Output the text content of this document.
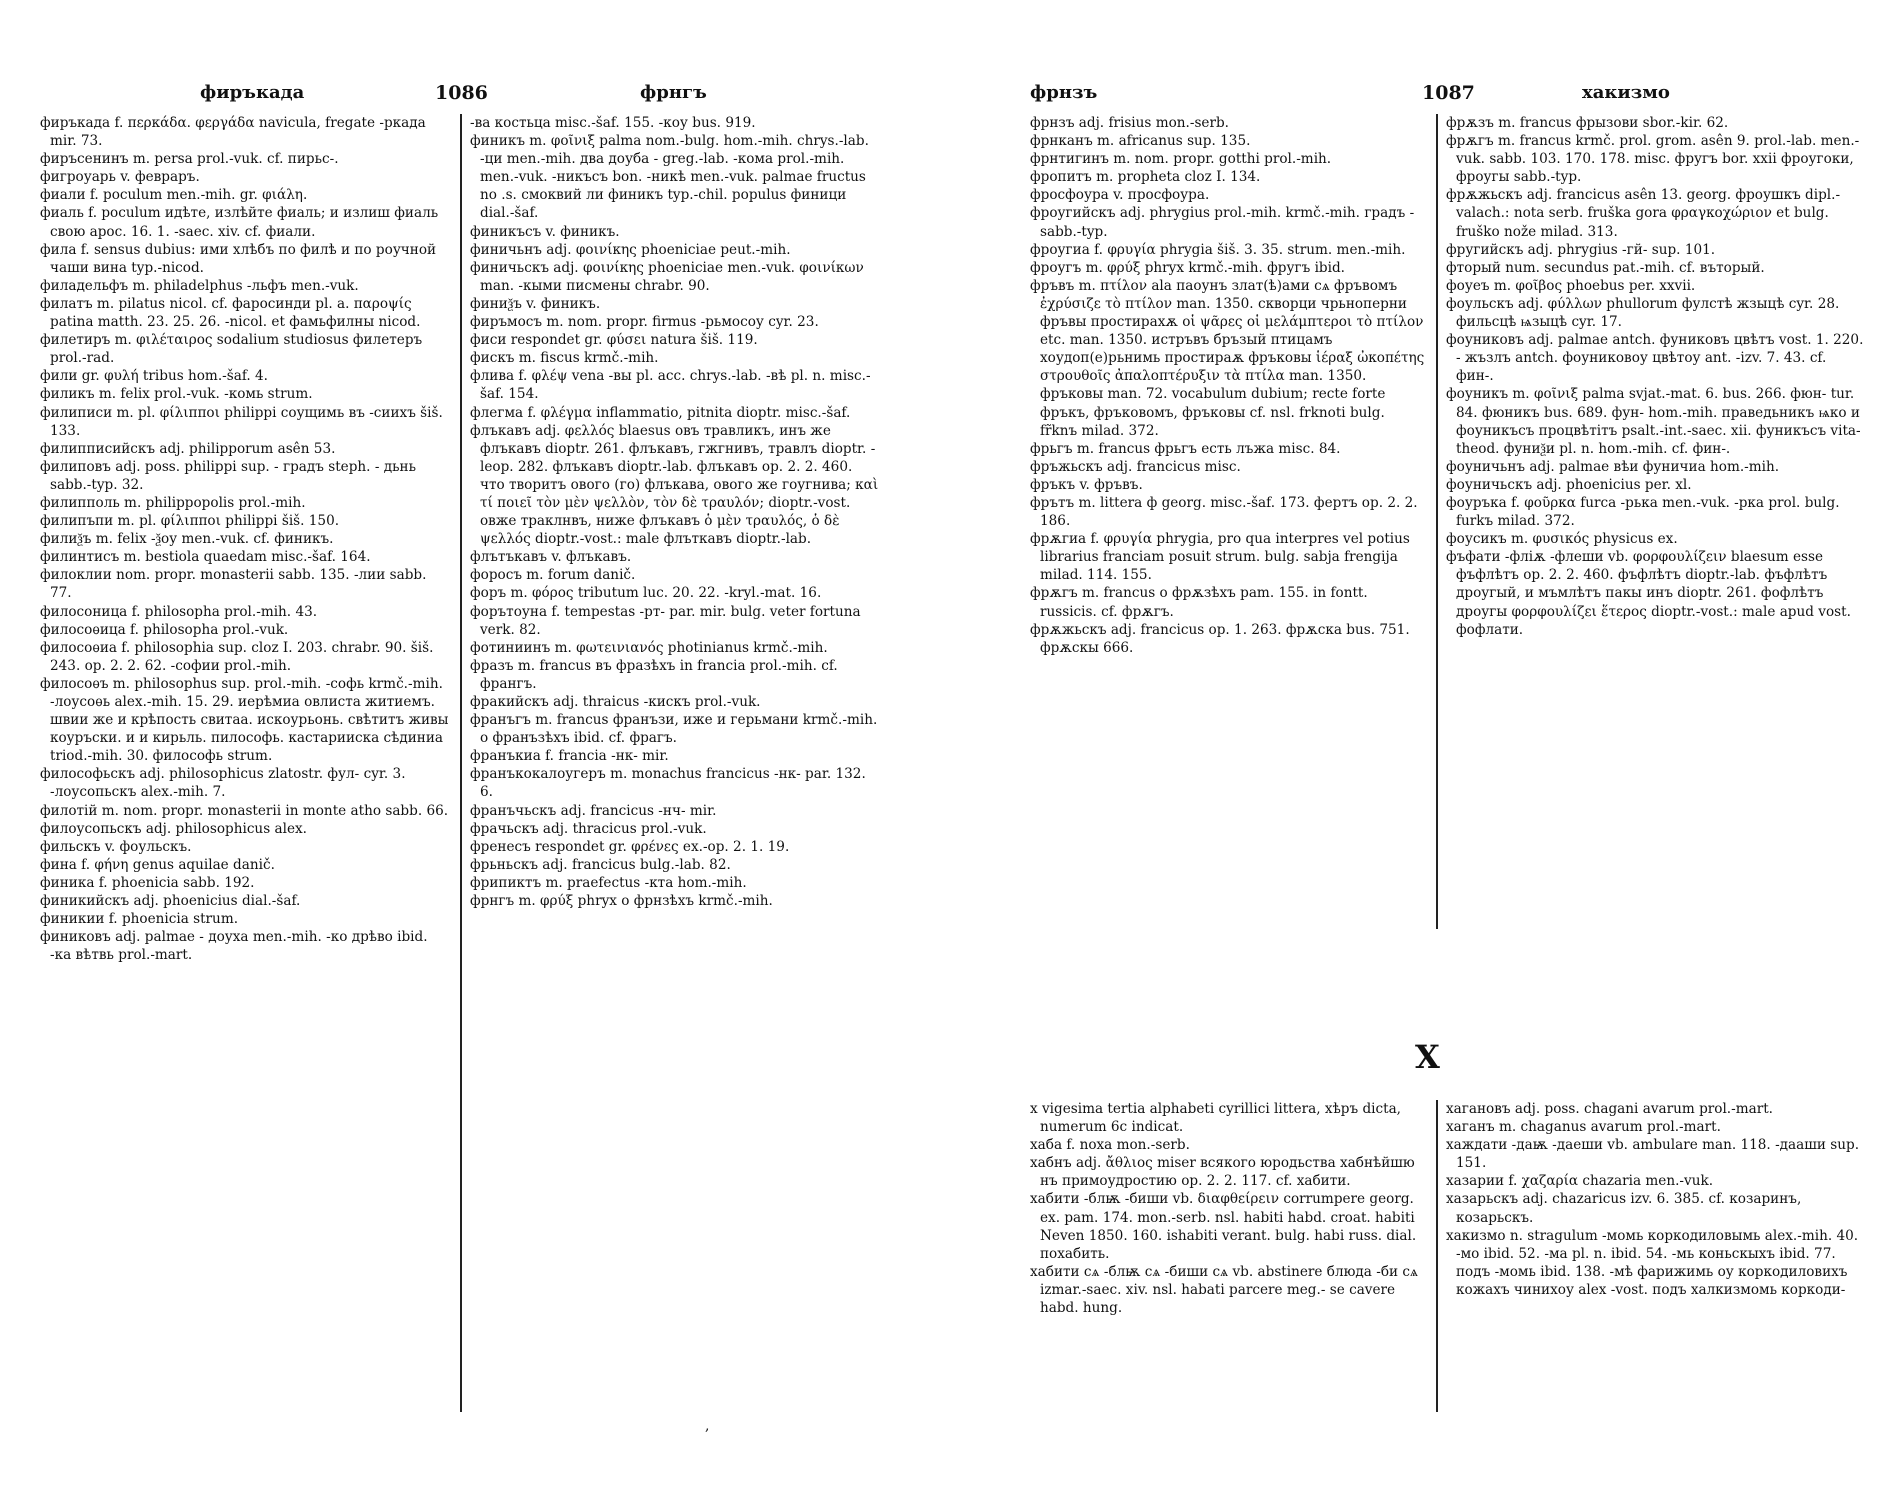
фиръкада	1086	фрнгъ
фиръкада f. περκάδα. φεργάδα navicula, fregate -ркада mir. 73.
фиръсенинъ m. persa prol.-vuk. cf. пирьс-.
фигроуарь v. февраръ.
фиали f. poculum men.-mih. gr. φιάλη.
фиаль f. poculum идѣте, излѣйте фиаль; и излиш фиаль свою apoc. 16. 1. -saec. xiv. cf. фиали.
фила f. sensus dubius: ими хлѣбъ по филѣ и по роучной чаши вина typ.-nicod.
филадельфъ m. philadelphus -льфъ men.-vuk.
филатъ m. pilatus nicol. cf. фаросинди pl. a. παροψίς patina matth. 23. 25. 26. -nicol. et фамьфилны nicod.
филетиръ m. φιλέταιρος sodalium studiosus филетеръ prol.-rad.
фили gr. φυλή tribus hom.-šaf. 4.
филикъ m. felix prol.-vuk. -комь strum.
филиписи m. pl. φίλιπποι philippi соущимь въ -сиихъ šiš. 133.
филипписийскъ adj. philipporum asên 53.
филиповъ adj. poss. philippi sup. - градъ steph. - дьнь sabb.-typ. 32.
филипполь m. philippopolis prol.-mih.
филипъпи m. pl. φίλιπποι philippi šiš. 150.
филиѯъ m. felix -ѯоу men.-vuk. cf. финикъ.
филинтисъ m. bestiola quaedam misc.-šaf. 164.
филоклии nom. propr. monasterii sabb. 135. -лии sabb. 77.
филосоница f. philosopha prol.-mih. 43.
филосоѳица f. philosopha prol.-vuk.
филосоѳиа f. philosophia sup. cloz I. 203. chrabr. 90. šiš. 243. op. 2. 2. 62. -софии prol.-mih.
филосоѳъ m. philosophus sup. prol.-mih. -софь krmč.-mih. -лоусоѳь alex.-mih. 15. 29. иерѣмиа овлиста житиемъ. швии же и крѣпость свитаа. искоурьонь. свѣтитъ живы коуръски. и и кирьль. пилософь. кастарииска сѣдиниа triod.-mih. 30. философь strum.
философьскъ adj. philosophicus zlatostr. фул- cyr. 3. -лоусопьскъ alex.-mih. 7.
филотій m. nom. propr. monasterii in monte atho sabb. 66.
филоусопьскъ adj. philosophicus alex.
фильскъ v. фоульскъ.
фина f. φήνη genus aquilae danič.
финика f. phoenicia sabb. 192.
финикийскъ adj. phoenicius dial.-šaf.
финикии f. phoenicia strum.
финиковъ adj. palmae - доуха men.-mih. -ко дрѣво ibid. -ка вѣтвь prol.-mart.
-ва костьца misc.-šaf. 155. -коу bus. 919.
финикъ m. φοῖνιξ palma nom.-bulg. hom.-mih. chrys.-lab. -ци men.-mih. два доуба - greg.-lab. -кома prol.-mih. men.-vuk. -никъсъ bon. -никѣ men.-vuk. palmae fructus no .s. смоквий ли финикъ typ.-chil. populus финици dial.-šaf.
финикъсъ v. финикъ.
финичьнъ adj. φοινίκης phoeniciae peut.-mih.
финичьскъ adj. φοινίκης phoeniciae men.-vuk. φοινίκων man. -кыми писмены chrabr. 90.
финиѯъ v. финикъ.
фиръмосъ m. nom. propr. firmus -рьмосоу cyr. 23.
фиси respondet gr. φύσει natura šiš. 119.
фискъ m. fiscus krmč.-mih.
флива f. φλέψ vena -вы pl. acc. chrys.-lab. -вѣ pl. n. misc.-šaf. 154.
флегма f. φλέγμα inflammatio, pitnita dioptr. misc.-šaf.
флъкавъ adj. φελλός blaesus овъ травликъ, инъ же флъкавъ dioptr. 261. флъкавъ, гжгнивъ, травлъ dioptr. -leop. 282. флъкавъ dioptr.-lab. флъкавъ op. 2. 2. 460. что творитъ овогo (го) флъкава, ового же гоугнива; καὶ τί ποιεῖ τὸν μὲν ψελλὸν, τὸν δὲ τραυλόν; dioptr.-vost. овже траклнвъ, ниже флъкавъ ὁ μὲν τραυλός, ὁ δὲ ψελλός dioptr.-vost.: male флъткавъ dioptr.-lab.
флътъкавъ v. флъкавъ.
форосъ m. forum danič.
форъ m. φόρος tributum luc. 20. 22. -kryl.-mat. 16.
форътоуна f. tempestas -рт- par. mir. bulg. veter fortuna verk. 82.
фотиниинъ m. φωτεινιανός photinianus krmč.-mih.
фразъ m. francus въ фразѣхъ in francia prol.-mih. cf. франгъ.
фракийскъ adj. thraicus -кискъ prol.-vuk.
франъгъ m. francus франъзи, иже и герьмани krmč.-mih. о франъзѣхъ ibid. cf. фрагъ.
франъкиа f. francia -нк- mir.
франъкокалоугеръ m. monachus francicus -нк- par. 132. 6.
франъчьскъ adj. francicus -нч- mir.
фрачьскъ adj. thracicus prol.-vuk.
френесъ respondet gr. φρένες ex.-op. 2. 1. 19.
фрьньскъ adj. francicus bulg.-lab. 82.
фрипиктъ m. praefectus -кта hom.-mih.
фрнгъ m. φρύξ phryx о фрнзѣхъ krmč.-mih.
,
фрнзъ	1087	хакизмо
фрнзъ adj. frisius mon.-serb.
фрнканъ m. africanus sup. 135.
фрнтигинъ m. nom. propr. gotthi prol.-mih.
фропитъ m. propheta cloz I. 134.
фросфоура v. просфоура.
фроугийскъ adj. phrygius prol.-mih. krmč.-mih. градъ - sabb.-typ.
фроугиа f. φρυγία phrygia šiš. 3. 35. strum. men.-mih.
фроугъ m. φρύξ phryx krmč.-mih. фругъ ibid.
фръвъ m. πτίλον ala паоунъ злат(ѣ)ами сѧ фръвомъ ἐχρύσιζε τὸ πτίλον man. 1350. скворци чрьноперни фръвы простирахѫ οἱ ψᾶρες οἱ μελάμπτεροι τὸ πτίλον etc. man. 1350. истръвъ бръзый птицамъ хоудоп(е)рьнимь простираѫ фръковы ἱέραξ ὠκοπέτης στρουθοῖς ἀπαλοπτέρυξιν τὰ πτίλα man. 1350. фръковы man. 72. vocabulum dubium; recte forte фръкъ, фръковомъ, фръковы cf. nsl. frknoti bulg. fr̃knъ milad. 372.
фрьгъ m. francus фрьгъ есть лъжа misc. 84.
фръжьскъ adj. francicus misc.
фръкъ v. фръвъ.
фрътъ m. littera ф georg. misc.-šaf. 173. фертъ op. 2. 2. 186.
фрѫгиа f. φρυγία phrygia, pro qua interpres vel potius librarius franciam posuit strum. bulg. sabja frengija milad. 114. 155.
фрѫгъ m. francus о фрѫзѣхъ pam. 155. in fontt. russicis. cf. фрѫгъ.
фрѫжьскъ adj. francicus op. 1. 263. фрѫска bus. 751. фрѫскы 666.
фрѫзъ m. francus фрызови sbor.-kir. 62.
фрѫгъ m. francus krmč. prol. grom. asên 9. prol.-lab. men.-vuk. sabb. 103. 170. 178. misc. фругъ bor. xxii фроугоки, фроугы sabb.-typ.
фрѫжьскъ adj. francicus asên 13. georg. фроушкъ dipl.-valach.: nota serb. fruška gora φραγκοχώριον et bulg. fruško nože milad. 313.
фругийскъ adj. phrygius -гй- sup. 101.
фторый num. secundus pat.-mih. cf. въторый.
фоуеъ m. φοῖβος phoebus per. xxvii.
фоульскъ adj. φύλλων phullorum фулстѣ жзыцѣ cyr. 28. фильсцѣ ѩзыцѣ cyr. 17.
фоуниковъ adj. palmae antch. фуниковъ цвѣтъ vost. 1. 220. - жъзлъ antch. фоуниковоу цвѣтоу ant. -izv. 7. 43. cf. фин-.
фоуникъ m. φοῖνιξ palma svjat.-mat. 6. bus. 266. фюн- tur. 84. фюникъ bus. 689. фун- hom.-mih. праведьникъ ѩко и фоуникъсъ процвѣтітъ psalt.-int.-saec. xii. фуникъсъ vita-theod. фуниѯи pl. n. hom.-mih. cf. фин-.
фоуничьнъ adj. palmae вѣи фуничиа hom.-mih.
фоуничьскъ adj. phoenicius per. xl.
фоуръка f. φοῦρκα furca -рька men.-vuk. -рка prol. bulg. furkъ milad. 372.
фоусикъ m. φυσικός physicus ex.
фъфати -фліѫ -флеши vb. φορφουλίζειν blaesum esse фъфлѣтъ op. 2. 2. 460. фъфлѣтъ dioptr.-lab. фъфлѣтъ дроугый, и мъмлѣтъ пакы инъ dioptr. 261. фофлѣтъ дроугы φορφουλίζει ἕτερος dioptr.-vost.: male apud vost. фофлати.
Х
х vigesima tertia alphabeti cyrillici littera, хѣръ dicta, numerum 6c indicat.
хаба f. noxa mon.-serb.
хабнъ adj. ἄθλιος miser всякого юродьства хабнѣйшю нъ примоудростию op. 2. 2. 117. cf. хабити.
хабити -блѭ -биши vb. διαφθείρειν corrumpere georg. ex. pam. 174. mon.-serb. nsl. habiti habd. croat. habiti Neven 1850. 160. ishabiti verant. bulg. habi russ. dial. похабить.
хабити сѧ -блѭ сѧ -биши сѧ vb. abstinere блюда -би сѧ izmar.-saec. xiv. nsl. habati parcere meg.- se cavere habd. hung.
хагановъ adj. poss. chagani avarum prol.-mart.
хаганъ m. chaganus avarum prol.-mart.
хаждати -даѭ -даеши vb. ambulare man. 118. -дааши sup. 151.
хазарии f. χαζαρία chazaria men.-vuk.
хазарьскъ adj. chazaricus izv. 6. 385. cf. козаринъ, козарьскъ.
хакизмо n. stragulum -момь коркодиловымь alex.-mih. 40. -мо ibid. 52. -ма pl. n. ibid. 54. -мь коньскыхъ ibid. 77. подъ -момь ibid. 138. -мѣ фарижимь оу коркодиловихъ кожахъ чинихоу alex -vost. подъ халкизмомь коркоди-
